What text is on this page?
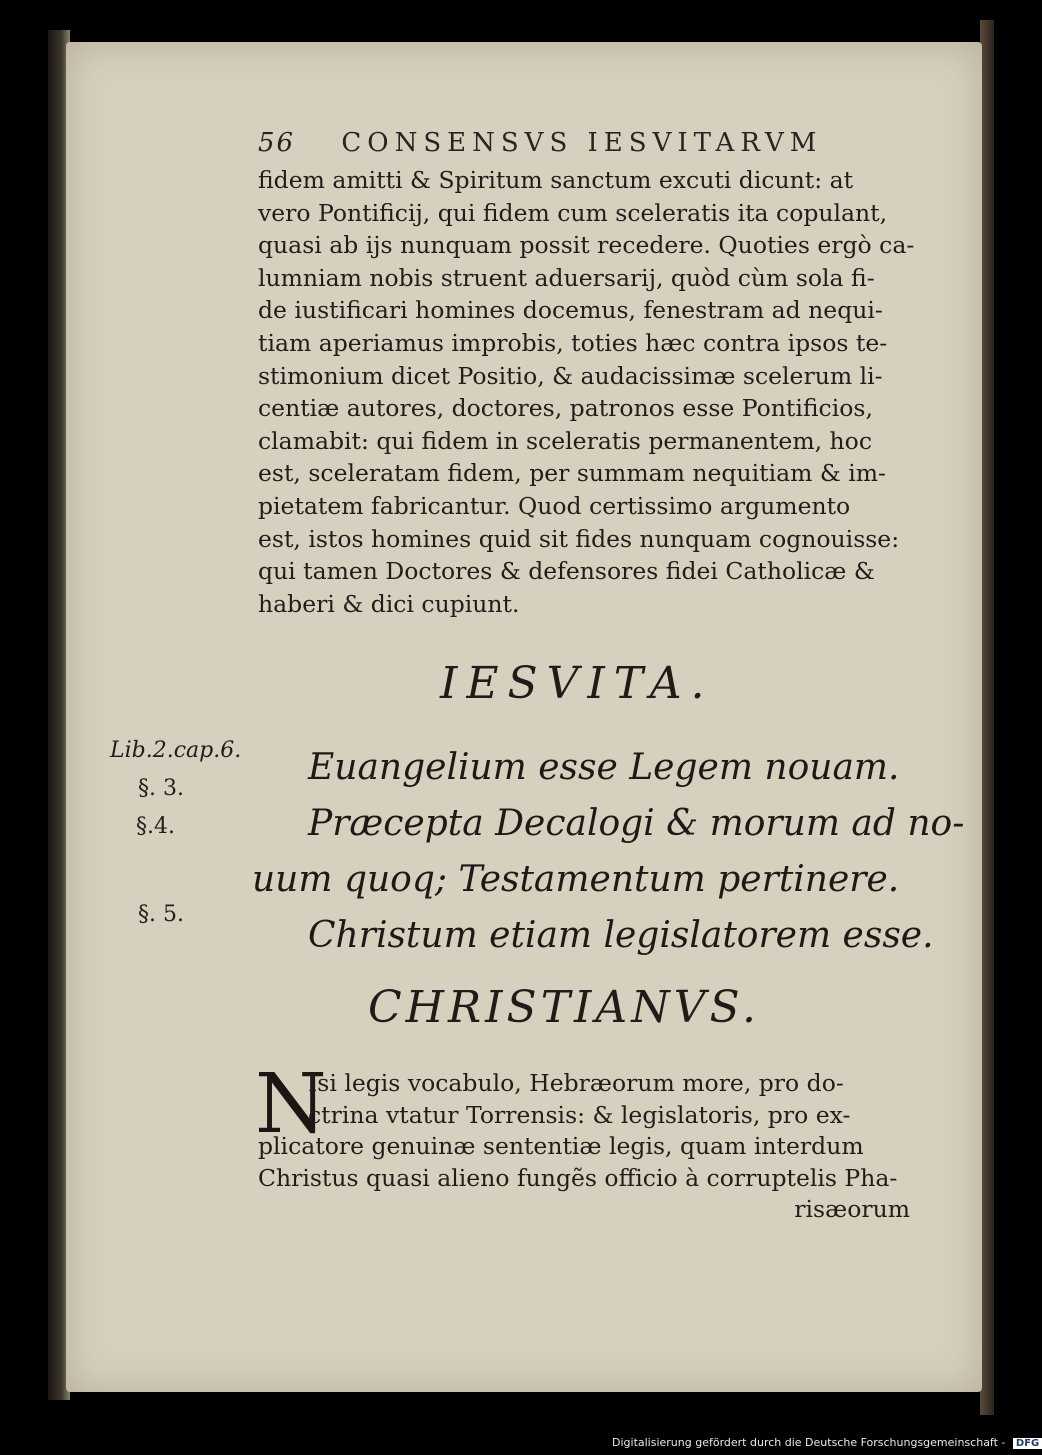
56 CONSENSVS IESVITARVM
fidem amitti & Spiritum sanctum excuti dicunt: at
vero Pontificij, qui fidem cum sceleratis ita copulant,
quasi ab ijs nunquam possit recedere. Quoties ergò ca-
lumniam nobis struent aduersarij, quòd cùm sola fi-
de iustificari homines docemus, fenestram ad nequi-
tiam aperiamus improbis, toties hæc contra ipsos te-
stimonium dicet Positio, & audacissimæ scelerum li-
centiæ autores, doctores, patronos esse Pontificios,
clamabit: qui fidem in sceleratis permanentem, hoc
est, sceleratam fidem, per summam nequitiam & im-
pietatem fabricantur. Quod certissimo argumento
est, istos homines quid sit fides nunquam cognouisse:
qui tamen Doctores & defensores fidei Catholicæ &
haberi & dici cupiunt.
IESVITA.
Lib.2.cap.6.
§. 3.
§.4.
§. 5.
Euangelium esse Legem nouam.
Præcepta Decalogi & morum ad no-
uum quoq; Testamentum pertinere.
Christum etiam legislatorem esse.
CHRISTIANVS.
N
Isi legis vocabulo, Hebræorum more, pro do-
ctrina vtatur Torrensis: & legislatoris, pro ex-
plicatore genuinæ sententiæ legis, quam interdum
Christus quasi alieno fungẽs officio à corruptelis Pha-
risæorum
Digitalisierung gefördert durch die Deutsche Forschungsgemeinschaft - DFG
